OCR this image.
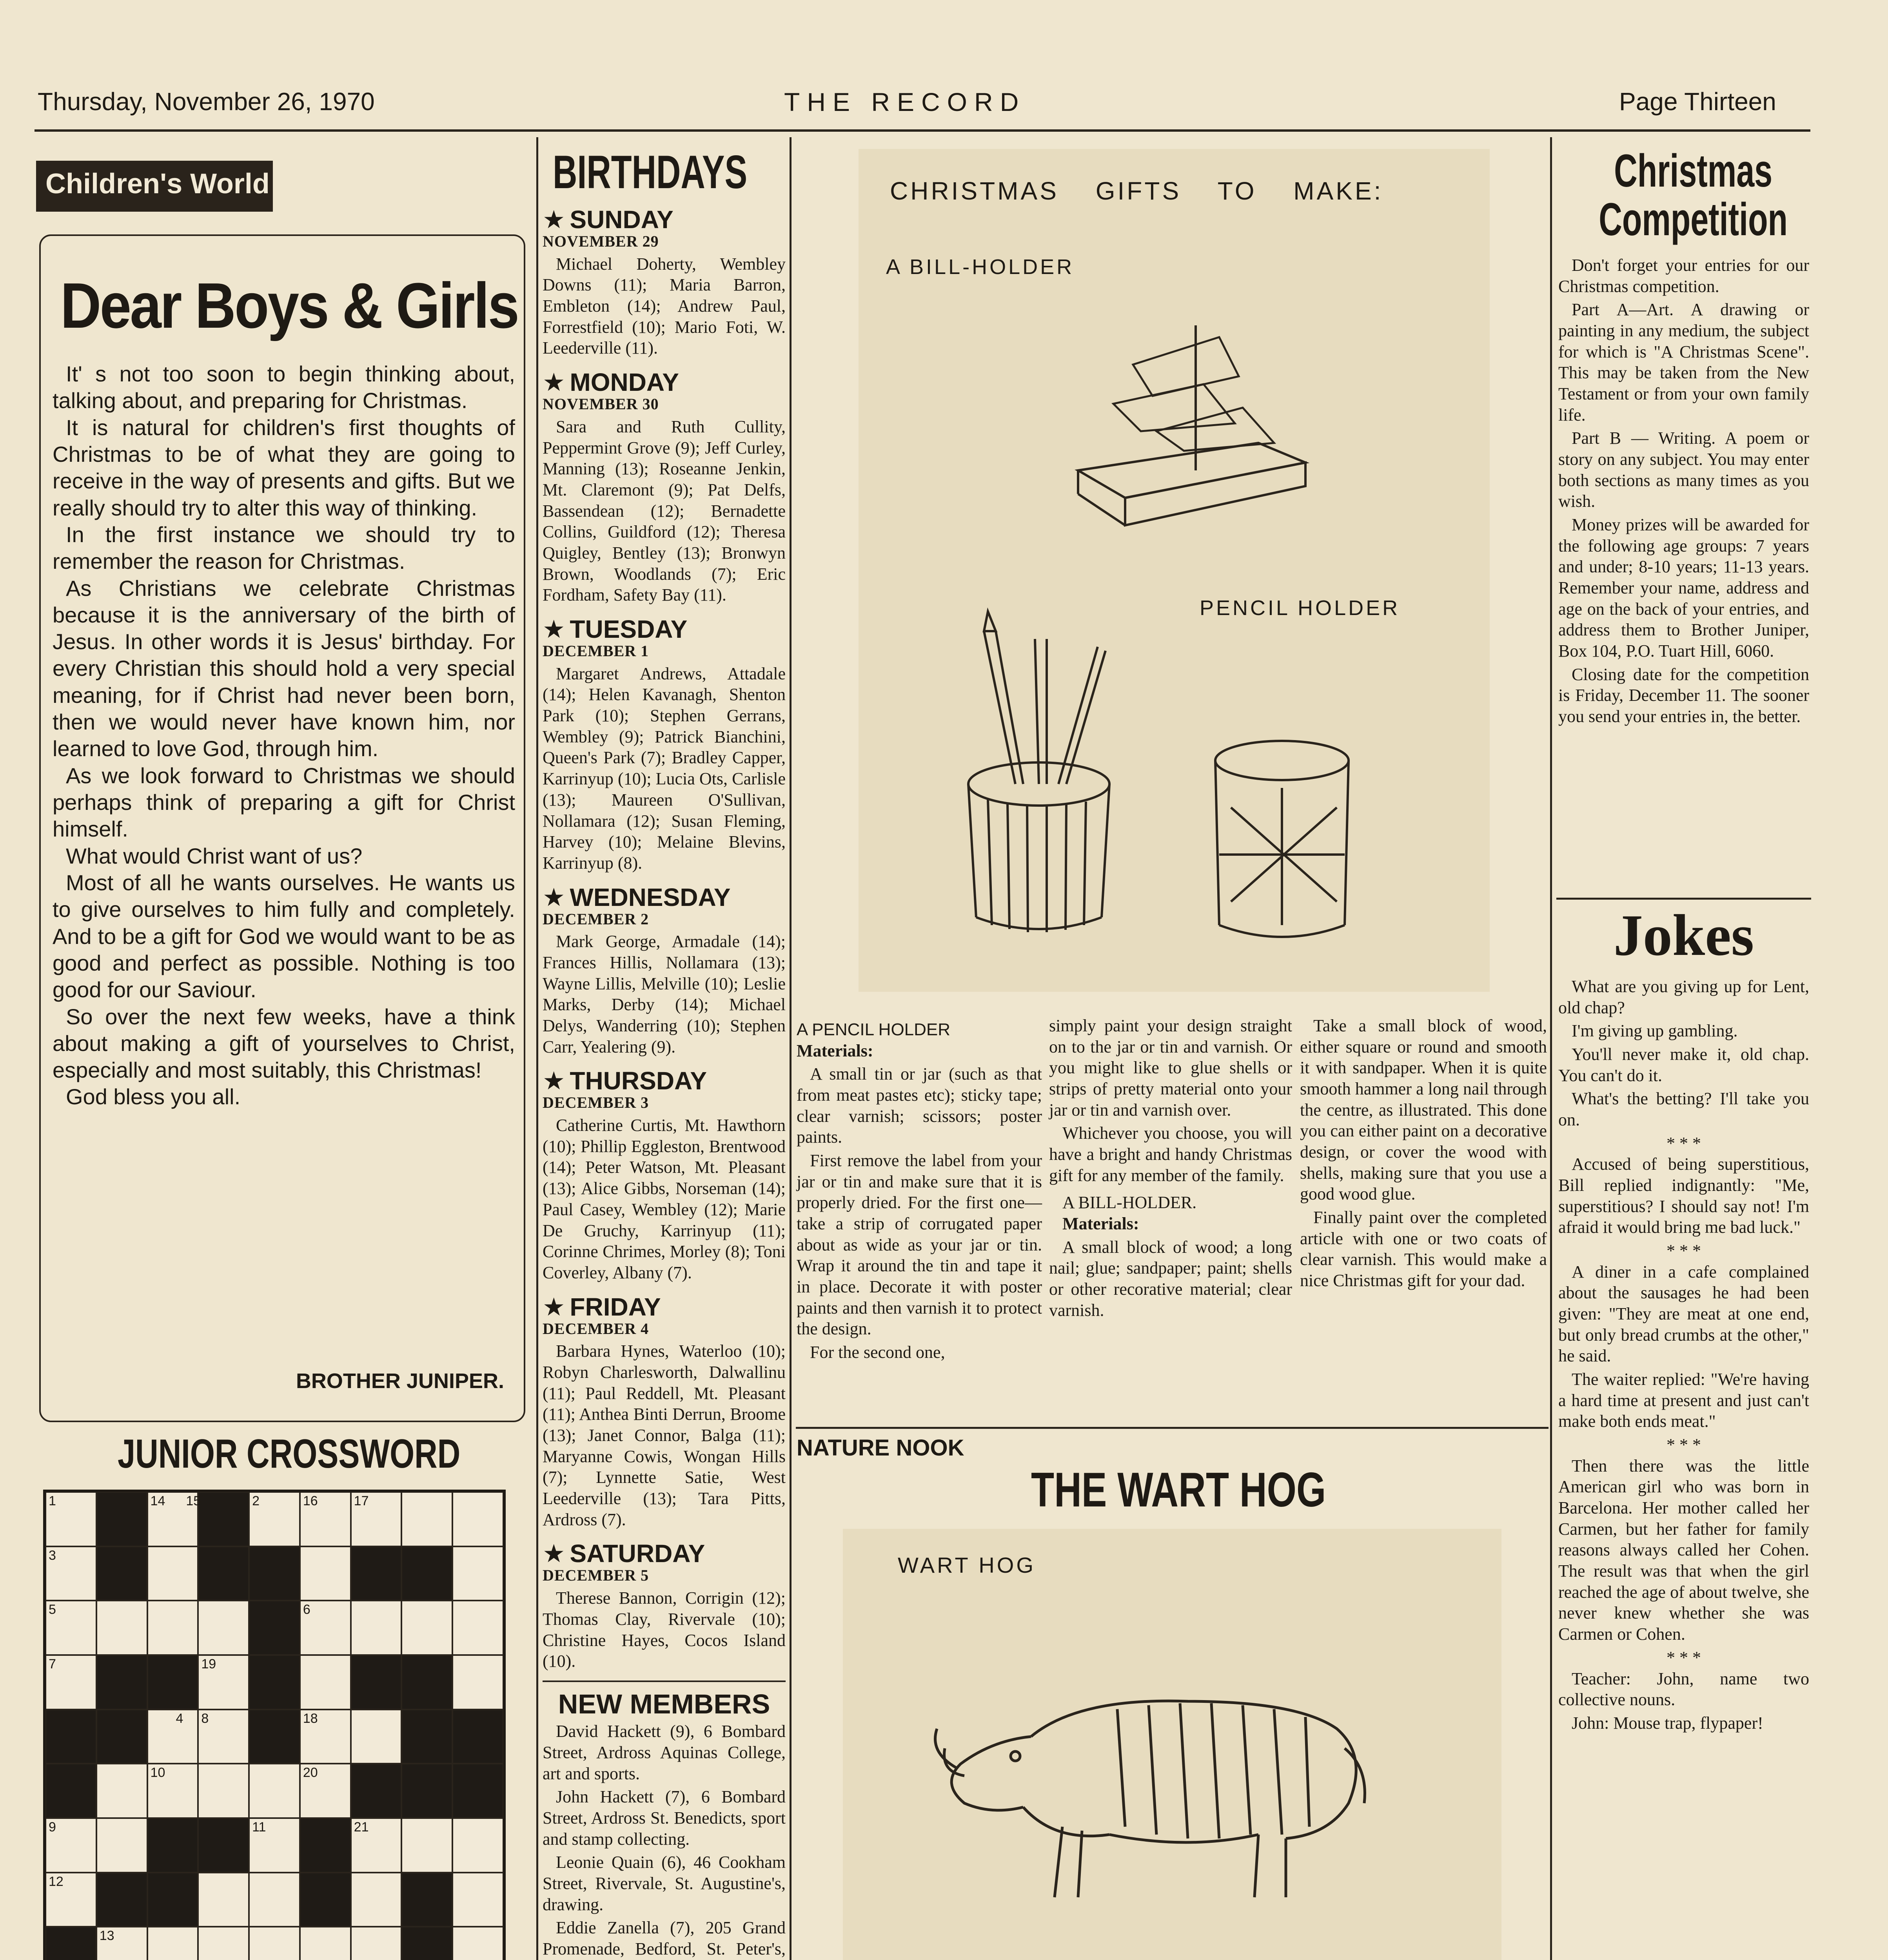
Thursday, November 26, 1970	THE RECORD	Page Thirteen
Children's World
Dear Boys & Girls

It' s not too soon to begin thinking about, talking about, and preparing for Christmas.

It is natural for children's first thoughts of Christmas to be of what they are going to receive in the way of presents and gifts. But we really should try to alter this way of thinking.

In the first instance we should try to remember the reason for Christmas.

As Christians we celebrate Christmas because it is the anniversary of the birth of Jesus. In other words it is Jesus' birthday. For every Christian this should hold a very special meaning, for if Christ had never been born, then we would never have known him, nor learned to love God, through him.

As we look forward to Christmas we should perhaps think of preparing a gift for Christ himself.

What would Christ want of us?

Most of all he wants ourselves. He wants us to give ourselves to him fully and completely. And to be a gift for God we would want to be as good and perfect as possible. Nothing is too good for our Saviour.

So over the next few weeks, have a think about making a gift of yourselves to Christ, especially and most suitably, this Christmas!

God bless you all.

BROTHER JUNIPER.
JUNIOR CROSSWORD
1	14 15	2	16	17
3
5	6
7	19
4 8	18
10	20
9	11	21
12
13
BIRTHDAYS
★ SUNDAY
NOVEMBER 29

Michael Doherty, Wembley Downs (11); Maria Barron, Embleton (14); Andrew Paul, Forrestfield (10); Mario Foti, W. Leederville (11).

★ MONDAY
NOVEMBER 30

Sara and Ruth Cullity, Peppermint Grove (9); Jeff Curley, Manning (13); Roseanne Jenkin, Mt. Claremont (9); Pat Delfs, Bassendean (12); Bernadette Collins, Guildford (12); Theresa Quigley, Bentley (13); Bronwyn Brown, Woodlands (7); Eric Fordham, Safety Bay (11).

★ TUESDAY
DECEMBER 1

Margaret Andrews, Attadale (14); Helen Kavanagh, Shenton Park (10); Stephen Gerrans, Wembley (9); Patrick Bianchini, Queen's Park (7); Bradley Capper, Karrinyup (10); Lucia Ots, Carlisle (13); Maureen O'Sullivan, Nollamara (12); Susan Fleming, Harvey (10); Melaine Blevins, Karrinyup (8).

★ WEDNESDAY
DECEMBER 2

Mark George, Armadale (14); Frances Hillis, Nollamara (13); Wayne Lillis, Melville (10); Leslie Marks, Derby (14); Michael Delys, Wanderring (10); Stephen Carr, Yealering (9).

★ THURSDAY
DECEMBER 3

Catherine Curtis, Mt. Hawthorn (10); Phillip Eggleston, Brentwood (14); Peter Watson, Mt. Pleasant (13); Alice Gibbs, Norseman (14); Paul Casey, Wembley (12); Marie De Gruchy, Karrinyup (11); Corinne Chrimes, Morley (8); Toni Coverley, Albany (7).

★ FRIDAY
DECEMBER 4

Barbara Hynes, Waterloo (10); Robyn Charlesworth, Dalwallinu (11); Paul Reddell, Mt. Pleasant (11); Anthea Binti Derrun, Broome (13); Janet Connor, Balga (11); Maryanne Cowis, Wongan Hills (7); Lynnette Satie, West Leederville (13); Tara Pitts, Ardross (7).

★ SATURDAY
DECEMBER 5

Therese Bannon, Corrigin (12); Thomas Clay, Rivervale (10); Christine Hayes, Cocos Island (10).

NEW MEMBERS

David Hackett (9), 6 Bombard Street, Ardross Aquinas College, art and sports.

John Hackett (7), 6 Bombard Street, Ardross St. Benedicts, sport and stamp collecting.

Leonie Quain (6), 46 Cookham Street, Rivervale, St. Augustine's, drawing.

Eddie Zanella (7), 205 Grand Promenade, Bedford, St. Peter's,

CHRISTMAS GIFTS TO MAKE:
A BILL-HOLDER
PENCIL HOLDER
A PENCIL HOLDER

Materials:

A small tin or jar (such as that from meat pastes etc); sticky tape; clear varnish; scissors; poster paints.

First remove the label from your jar or tin and make sure that it is properly dried. For the first one—take a strip of corrugated paper about as wide as your jar or tin. Wrap it around the tin and tape it in place. Decorate it with poster paints and then varnish it to protect the design.

For the second one,

simply paint your design straight on to the jar or tin and varnish. Or you might like to glue shells or strips of pretty material onto your jar or tin and varnish over.

Whichever you choose, you will have a bright and handy Christmas gift for any member of the family.

A BILL-HOLDER.

Materials:

A small block of wood; a long nail; glue; sandpaper; paint; shells or other recorative material; clear varnish.

Take a small block of wood, either square or round and smooth it with sandpaper. When it is quite smooth hammer a long nail through the centre, as illustrated. This done you can either paint on a decorative design, or cover the wood with shells, making sure that you use a good wood glue.

Finally paint over the completed article with one or two coats of clear varnish. This would make a nice Christmas gift for your dad.

NATURE NOOK
THE WART HOG
WART HOG

Christmas Competition

Don't forget your entries for our Christmas competition.

Part A—Art. A drawing or painting in any medium, the subject for which is "A Christmas Scene". This may be taken from the New Testament or from your own family life.

Part B — Writing. A poem or story on any subject. You may enter both sections as many times as you wish.

Money prizes will be awarded for the following age groups: 7 years and under; 8-10 years; 11-13 years. Remember your name, address and age on the back of your entries, and address them to Brother Juniper, Box 104, P.O. Tuart Hill, 6060.

Closing date for the competition is Friday, December 11. The sooner you send your entries in, the better.

Jokes

What are you giving up for Lent, old chap?

I'm giving up gambling.

You'll never make it, old chap. You can't do it.

What's the betting? I'll take you on.

* * *

Accused of being superstitious, Bill replied indignantly: "Me, superstitious? I should say not! I'm afraid it would bring me bad luck."

* * *

A diner in a cafe complained about the sausages he had been given: "They are meat at one end, but only bread crumbs at the other," he said.

The waiter replied: "We're having a hard time at present and just can't make both ends meat."

* * *

Then there was the little American girl who was born in Barcelona. Her mother called her Carmen, but her father for family reasons always called her Cohen. The result was that when the girl reached the age of about twelve, she never knew whether she was Carmen or Cohen.

* * *

Teacher: John, name two collective nouns.

John: Mouse trap, flypaper!
